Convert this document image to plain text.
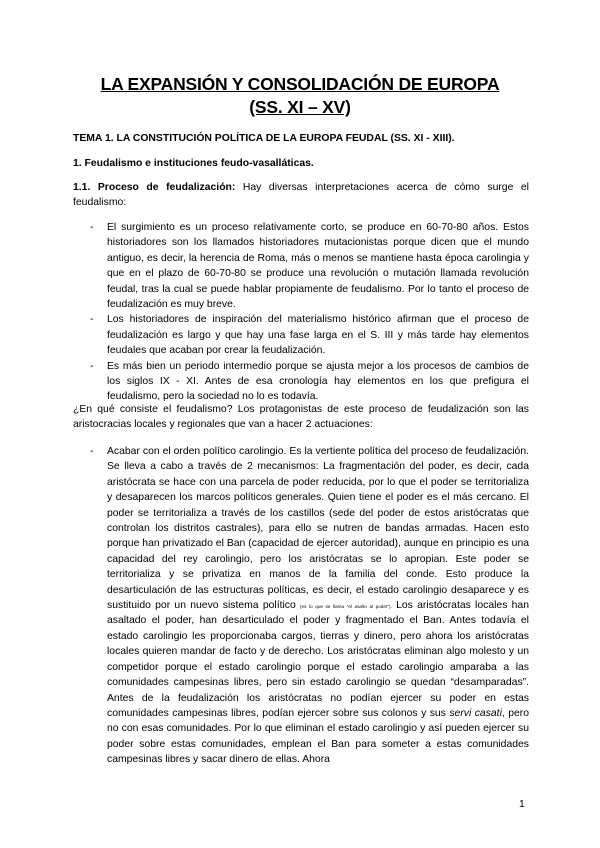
LA EXPANSIÓN Y CONSOLIDACIÓN DE EUROPA
(SS. XI – XV)
TEMA 1. LA CONSTITUCIÓN POLÍTICA DE LA EUROPA FEUDAL (SS. XI - XIII).
1. Feudalismo e instituciones feudo-vasalláticas.

1.1. Proceso de feudalización: Hay diversas interpretaciones acerca de cómo surge el feudalismo:

- El surgimiento es un proceso relativamente corto, se produce en 60-70-80 años. Estos historiadores son los llamados historiadores mutacionistas porque dicen que el mundo antiguo, es decir, la herencia de Roma, más o menos se mantiene hasta época carolingia y que en el plazo de 60-70-80 se produce una revolución o mutación llamada revolución feudal, tras la cual se puede hablar propiamente de feudalismo. Por lo tanto el proceso de feudalización es muy breve.
- Los historiadores de inspiración del materialismo histórico afirman que el proceso de feudalización es largo y que hay una fase larga en el S. III y más tarde hay elementos feudales que acaban por crear la feudalización.
- Es más bien un periodo intermedio porque se ajusta mejor a los procesos de cambios de los siglos IX - XI. Antes de esa cronología hay elementos en los que prefigura el feudalismo, pero la sociedad no lo es todavía.

¿En qué consiste el feudalismo? Los protagonistas de este proceso de feudalización son las aristocracias locales y regionales que van a hacer 2 actuaciones:

- Acabar con el orden político carolingio. Es la vertiente política del proceso de feudalización. Se lleva a cabo a través de 2 mecanismos: La fragmentación del poder, es decir, cada aristócrata se hace con una parcela de poder reducida, por lo que el poder se territorializa y desaparecen los marcos políticos generales. Quien tiene el poder es el más cercano. El poder se territorializa a través de los castillos (sede del poder de estos aristócratas que controlan los distritos castrales), para ello se nutren de bandas armadas. Hacen esto porque han privatizado el Ban (capacidad de ejercer autoridad), aunque en principio es una capacidad del rey carolingio, pero los aristócratas se lo apropian. Este poder se territorializa y se privatiza en manos de la familia del conde. Esto produce la desarticulación de las estructuras políticas, es decir, el estado carolingio desaparece y es sustituido por un nuevo sistema político (es lo que se llama "el asalto al poder"). Los aristócratas locales han asaltado el poder, han desarticulado el poder y fragmentado el Ban. Antes todavía el estado carolingio les proporcionaba cargos, tierras y dinero, pero ahora los aristócratas locales quieren mandar de facto y de derecho. Los aristócratas eliminan algo molesto y un competidor porque el estado carolingio porque el estado carolingio amparaba a las comunidades campesinas libres, pero sin estado carolingio se quedan “desamparadas”. Antes de la feudalización los aristócratas no podían ejercer su poder en estas comunidades campesinas libres, podían ejercer sobre sus colonos y sus servi casati, pero no con esas comunidades. Por lo que eliminan el estado carolingio y así pueden ejercer su poder sobre estas comunidades, emplean el Ban para someter a estas comunidades campesinas libres y sacar dinero de ellas. Ahora
1
